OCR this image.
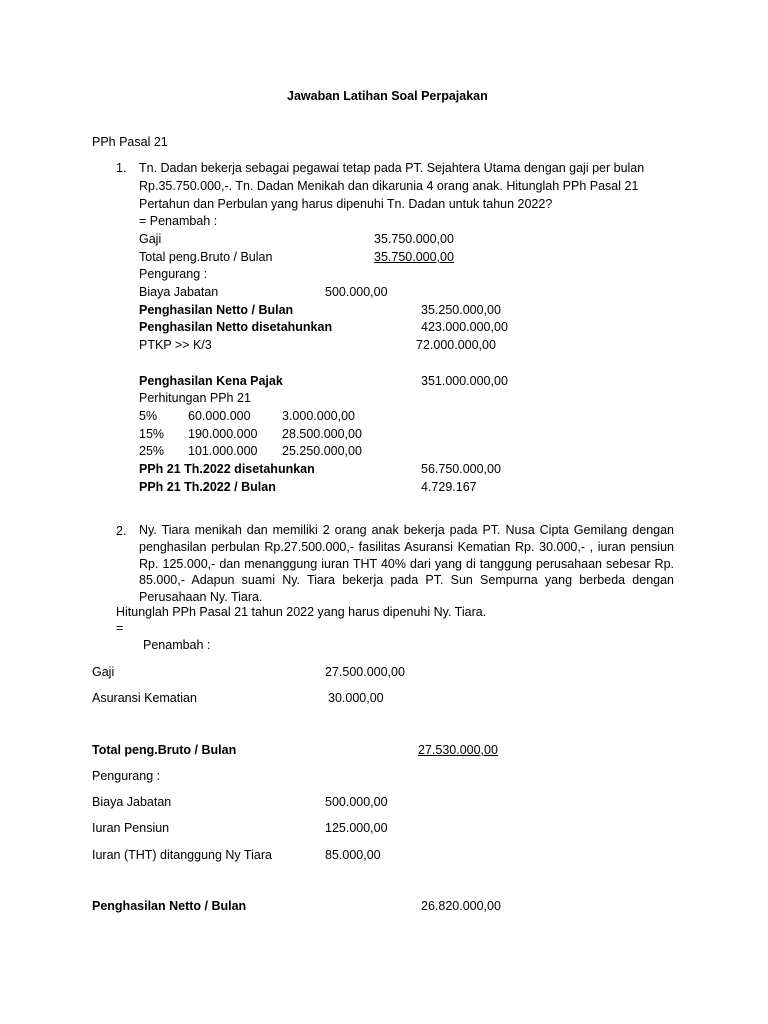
Jawaban Latihan Soal Perpajakan
PPh Pasal 21
1. Tn. Dadan bekerja sebagai pegawai tetap pada PT. Sejahtera Utama dengan gaji per bulan
Rp.35.750.000,-. Tn. Dadan Menikah dan dikarunia 4 orang anak. Hitunglah PPh Pasal 21
Pertahun dan Perbulan yang harus dipenuhi Tn. Dadan untuk tahun 2022?
= Penambah :
Gaji	35.750.000,00
Total peng.Bruto / Bulan	35.750.000,00
Pengurang :
Biaya Jabatan	500.000,00
Penghasilan Netto / Bulan	35.250.000,00
Penghasilan Netto disetahunkan	423.000.000,00
PTKP >> K/3	72.000.000,00
Penghasilan Kena Pajak	351.000.000,00
Perhitungan PPh 21
5% 60.000.000	3.000.000,00
15% 190.000.000 28.500.000,00
25% 101.000.000 25.250.000,00
PPh 21 Th.2022 disetahunkan	56.750.000,00
PPh 21 Th.2022 / Bulan	4.729.167
2. Ny. Tiara menikah dan memiliki 2 orang anak bekerja pada PT. Nusa Cipta Gemilang dengan penghasilan perbulan Rp.27.500.000,- fasilitas Asuransi Kematian Rp. 30.000,- , iuran pensiun Rp. 125.000,- dan menanggung iuran THT 40% dari yang di tanggung perusahaan sebesar Rp. 85.000,- Adapun suami Ny. Tiara bekerja pada PT. Sun Sempurna yang berbeda dengan Perusahaan Ny. Tiara.
Hitunglah PPh Pasal 21 tahun 2022 yang harus dipenuhi Ny. Tiara.
=
Penambah :
Gaji	27.500.000,00
Asuransi Kematian	30.000,00
Total peng.Bruto / Bulan	27.530.000,00
Pengurang :
Biaya Jabatan	500.000,00
Iuran Pensiun	125.000,00
Iuran (THT) ditanggung Ny Tiara	85.000,00
Penghasilan Netto / Bulan	26.820.000,00
